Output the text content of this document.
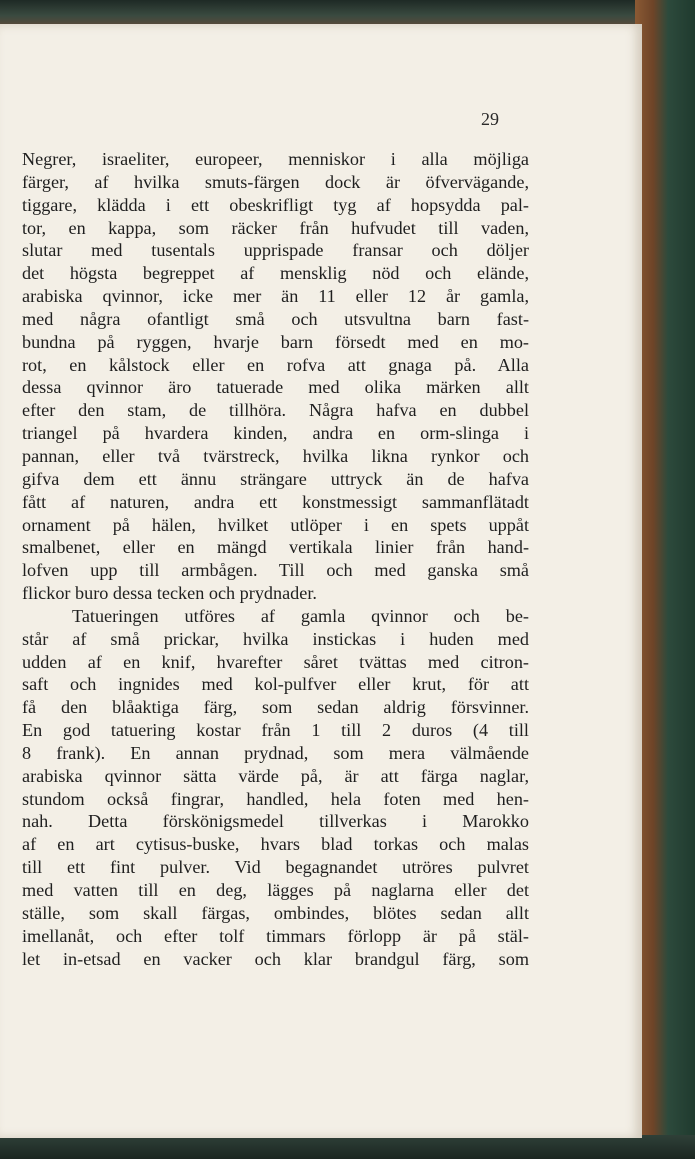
29
Negrer, israeliter, europeer, menniskor i alla möjliga
färger, af hvilka smuts-färgen dock är öfvervägande,
tiggare, klädda i ett obeskrifligt tyg af hopsydda pal-
tor, en kappa, som räcker från hufvudet till vaden,
slutar med tusentals upprispade fransar och döljer
det högsta begreppet af mensklig nöd och elände,
arabiska qvinnor, icke mer än 11 eller 12 år gamla,
med några ofantligt små och utsvultna barn fast-
bundna på ryggen, hvarje barn försedt med en mo-
rot, en kålstock eller en rofva att gnaga på. Alla
dessa qvinnor äro tatuerade med olika märken allt
efter den stam, de tillhöra. Några hafva en dubbel
triangel på hvardera kinden, andra en orm-slinga i
pannan, eller två tvärstreck, hvilka likna rynkor och
gifva dem ett ännu strängare uttryck än de hafva
fått af naturen, andra ett konstmessigt sammanflätadt
ornament på hälen, hvilket utlöper i en spets uppåt
smalbenet, eller en mängd vertikala linier från hand-
lofven upp till armbågen. Till och med ganska små
flickor buro dessa tecken och prydnader.
Tatueringen utföres af gamla qvinnor och be-
står af små prickar, hvilka instickas i huden med
udden af en knif, hvarefter såret tvättas med citron-
saft och ingnides med kol-pulfver eller krut, för att
få den blåaktiga färg, som sedan aldrig försvinner.
En god tatuering kostar från 1 till 2 duros (4 till
8 frank). En annan prydnad, som mera välmående
arabiska qvinnor sätta värde på, är att färga naglar,
stundom också fingrar, handled, hela foten med hen-
nah. Detta förskönigsmedel tillverkas i Marokko
af en art cytisus-buske, hvars blad torkas och malas
till ett fint pulver. Vid begagnandet utröres pulvret
med vatten till en deg, lägges på naglarna eller det
ställe, som skall färgas, ombindes, blötes sedan allt
imellanåt, och efter tolf timmars förlopp är på stäl-
let in-etsad en vacker och klar brandgul färg, som
